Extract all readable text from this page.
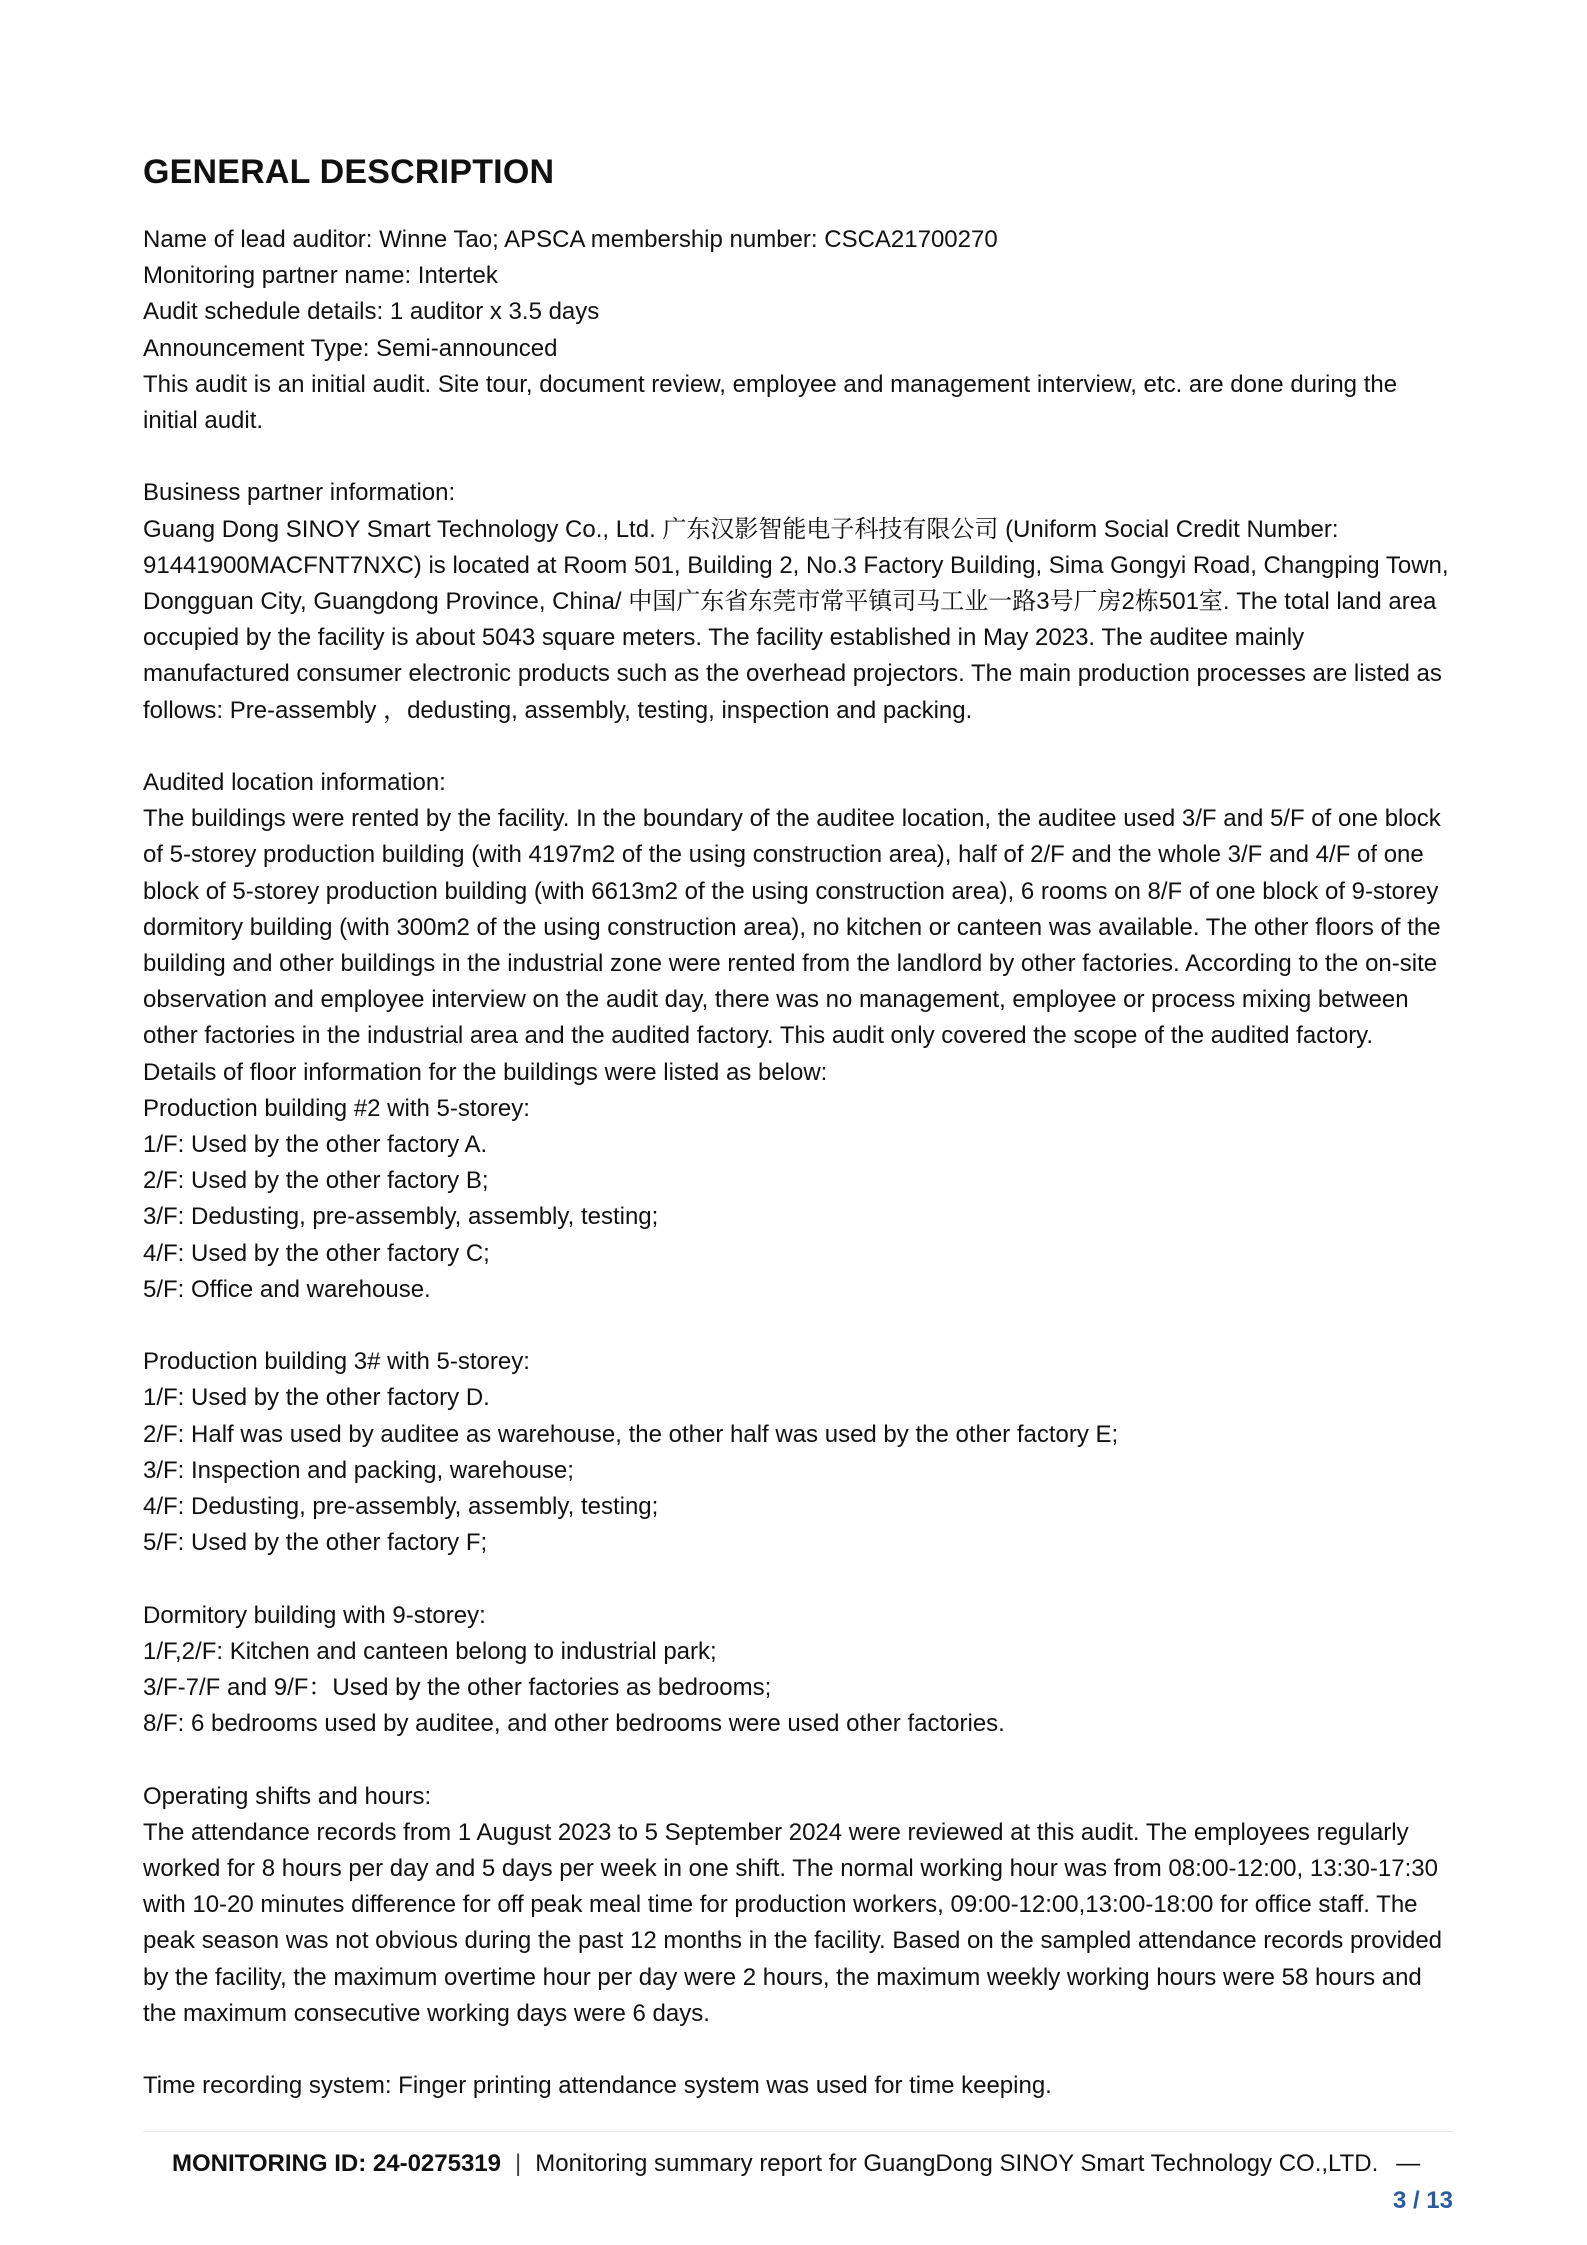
GENERAL DESCRIPTION
Name of lead auditor: Winne Tao; APSCA membership number: CSCA21700270
Monitoring partner name: Intertek
Audit schedule details: 1 auditor x 3.5 days
Announcement Type: Semi-announced
This audit is an initial audit. Site tour, document review, employee and management interview, etc. are done during the initial audit.
Business partner information:
Guang Dong SINOY Smart Technology Co., Ltd. 广东汉影智能电子科技有限公司 (Uniform Social Credit Number: 91441900MACFNT7NXC) is located at Room 501, Building 2, No.3 Factory Building, Sima Gongyi Road, Changping Town, Dongguan City, Guangdong Province, China/ 中国广东省东莞市常平镇司马工业一路3号厂房2栋501室. The total land area occupied by the facility is about 5043 square meters. The facility established in May 2023. The auditee mainly manufactured consumer electronic products such as the overhead projectors. The main production processes are listed as follows: Pre-assembly ，dedusting, assembly, testing, inspection and packing.
Audited location information:
The buildings were rented by the facility. In the boundary of the auditee location, the auditee used 3/F and 5/F of one block of 5-storey production building (with 4197m2 of the using construction area), half of 2/F and the whole 3/F and 4/F of one block of 5-storey production building (with 6613m2 of the using construction area), 6 rooms on 8/F of one block of 9-storey dormitory building (with 300m2 of the using construction area), no kitchen or canteen was available. The other floors of the building and other buildings in the industrial zone were rented from the landlord by other factories. According to the on-site observation and employee interview on the audit day, there was no management, employee or process mixing between other factories in the industrial area and the audited factory. This audit only covered the scope of the audited factory.
Details of floor information for the buildings were listed as below:
Production building #2 with 5-storey:
1/F: Used by the other factory A.
2/F: Used by the other factory B;
3/F: Dedusting, pre-assembly, assembly, testing;
4/F: Used by the other factory C;
5/F: Office and warehouse.
Production building 3# with 5-storey:
1/F: Used by the other factory D.
2/F: Half was used by auditee as warehouse, the other half was used by the other factory E;
3/F: Inspection and packing, warehouse;
4/F: Dedusting, pre-assembly, assembly, testing;
5/F: Used by the other factory F;
Dormitory building with 9-storey:
1/F,2/F: Kitchen and canteen belong to industrial park;
3/F-7/F and 9/F：Used by the other factories as bedrooms;
8/F: 6 bedrooms used by auditee, and other bedrooms were used other factories.
Operating shifts and hours:
The attendance records from 1 August 2023 to 5 September 2024 were reviewed at this audit. The employees regularly worked for 8 hours per day and 5 days per week in one shift. The normal working hour was from 08:00-12:00, 13:30-17:30 with 10-20 minutes difference for off peak meal time for production workers, 09:00-12:00,13:00-18:00 for office staff. The peak season was not obvious during the past 12 months in the facility. Based on the sampled attendance records provided by the facility, the maximum overtime hour per day were 2 hours, the maximum weekly working hours were 58 hours and the maximum consecutive working days were 6 days.
Time recording system: Finger printing attendance system was used for time keeping.
MONITORING ID: 24-0275319 | Monitoring summary report for GuangDong SINOY Smart Technology CO.,LTD. —
3 / 13
